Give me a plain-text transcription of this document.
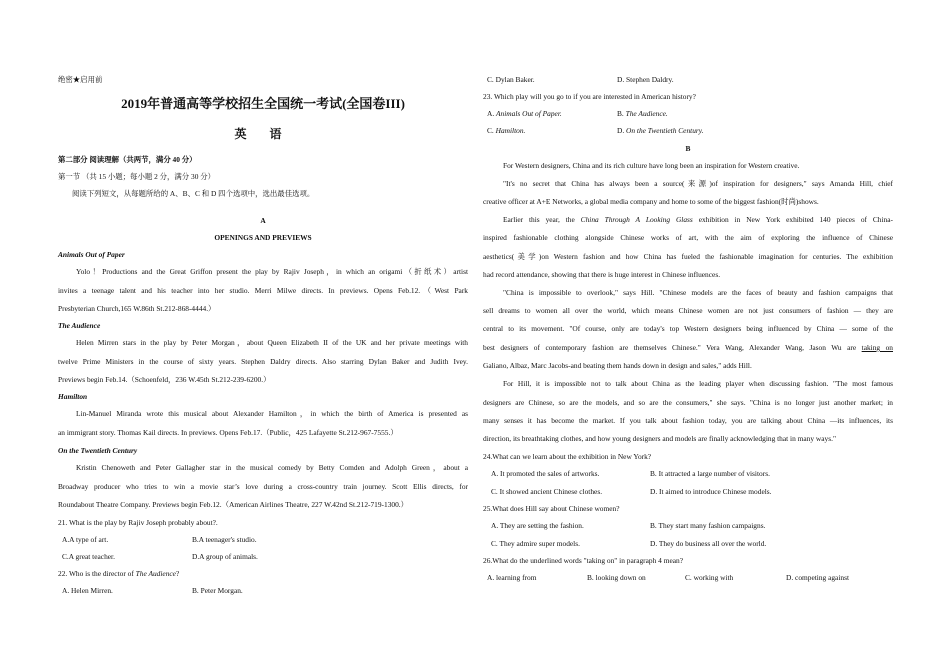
绝密★启用前
2019年普通高等学校招生全国统一考试(全国卷III)
英 语
第二部分 阅读理解（共两节，满分 40 分）
第一节 （共 15 小题；每小题 2 分，满分 30 分）
阅读下列短文，从每题所给的 A、B、C 和 D 四个选项中，选出最佳选项。
A
OPENINGS AND PREVIEWS
Animals Out of Paper
Yolo！Productions and the Great Griffon present the play by Rajiv Joseph，in which an origami（折纸术）artist
invites a teenage talent and his teacher into her studio. Merri Milwe directs. In previews. Opens Feb.12.（West Park
Presbyterian Church,165 W.86th St.212-868-4444.）
The Audience
Helen Mirren stars in the play by Peter Morgan，about Queen Elizabeth II of the UK and her private meetings with
twelve Prime Ministers in the course of sixty years. Stephen Daldry directs. Also starring Dylan Baker and Judith Ivey.
Previews begin Feb.14.（Schoenfeld，236 W.45th St.212-239-6200.）
Hamilton
Lin-Manuel Miranda wrote this musical about Alexander Hamilton，in which the birth of America is presented as
an immigrant story. Thomas Kail directs. In previews. Opens Feb.17.（Public，425 Lafayette St.212-967-7555.）
On the Twentieth Century
Kristin Chenoweth and Peter Gallagher star in the musical comedy by Betty Comden and Adolph Green，about a
Broadway producer who tries to win a movie star’s love during a cross-country train journey. Scott Ellis directs, for
Roundabout Theatre Company. Previews begin Feb.12.（American Airlines Theatre, 227 W.42nd St.212-719-1300.）
21. What is the play by Rajiv Joseph probably about?.
A.A type of art.	B.A teenager's studio.
C.A great teacher.	D.A group of animals.
22. Who is the director of The Audience?
A. Helen Mirren.	B. Peter Morgan.
C. Dylan Baker.	D. Stephen Daldry.
23. Which play will you go to if you are interested in American history?
A. Animals Out of Paper.	B. The Audience.
C. Hamilton.	D. On the Twentieth Century.
B
For Western designers, China and its rich culture have long been an inspiration for Western creative.
"It's no secret that China has always been a source(来源)of inspiration for designers," says Amanda Hill, chief
creative officer at A+E Networks, a global media company and home to some of the biggest fashion(时尚)shows.
Earlier this year, the China Through A Looking Glass exhibition in New York exhibited 140 pieces of China-
inspired fashionable clothing alongside Chinese works of art, with the aim of exploring the influence of Chinese
aesthetics(美学)on Western fashion and how China has fueled the fashionable imagination for centuries. The exhibition
had record attendance, showing that there is huge interest in Chinese influences.
"China is impossible to overlook," says Hill. "Chinese models are the faces of beauty and fashion campaigns that
sell dreams to women all over the world, which means Chinese women are not just consumers of fashion — they are
central to its movement. "Of course, only are today's top Western designers being influenced by China — some of the
best designers of contemporary fashion are themselves Chinese." Vera Wang, Alexander Wang, Jason Wu are taking on
Galiano, Albaz, Marc Jacobs-and beating them hands down in design and sales," adds Hill.
For Hill, it is impossible not to talk about China as the leading player when discussing fashion. "The most famous
designers are Chinese, so are the models, and so are the consumers," she says. "China is no longer just another market; in
many senses it has become the market. If you talk about fashion today, you are talking about China —its influences, its
direction, its breathtaking clothes, and how young designers and models are finally acknowledging that in many ways."
24.What can we learn about the exhibition in New York?
A. It promoted the sales of artworks.	B. It attracted a large number of visitors.
C. It showed ancient Chinese clothes.	D. It aimed to introduce Chinese models.
25.What does Hill say about Chinese women?
A. They are setting the fashion.	B. They start many fashion campaigns.
C. They admire super models.	D. They do business all over the world.
26.What do the underlined words "taking on" in paragraph 4 mean?
A. learning from	B. looking down on	C. working with	D. competing against
